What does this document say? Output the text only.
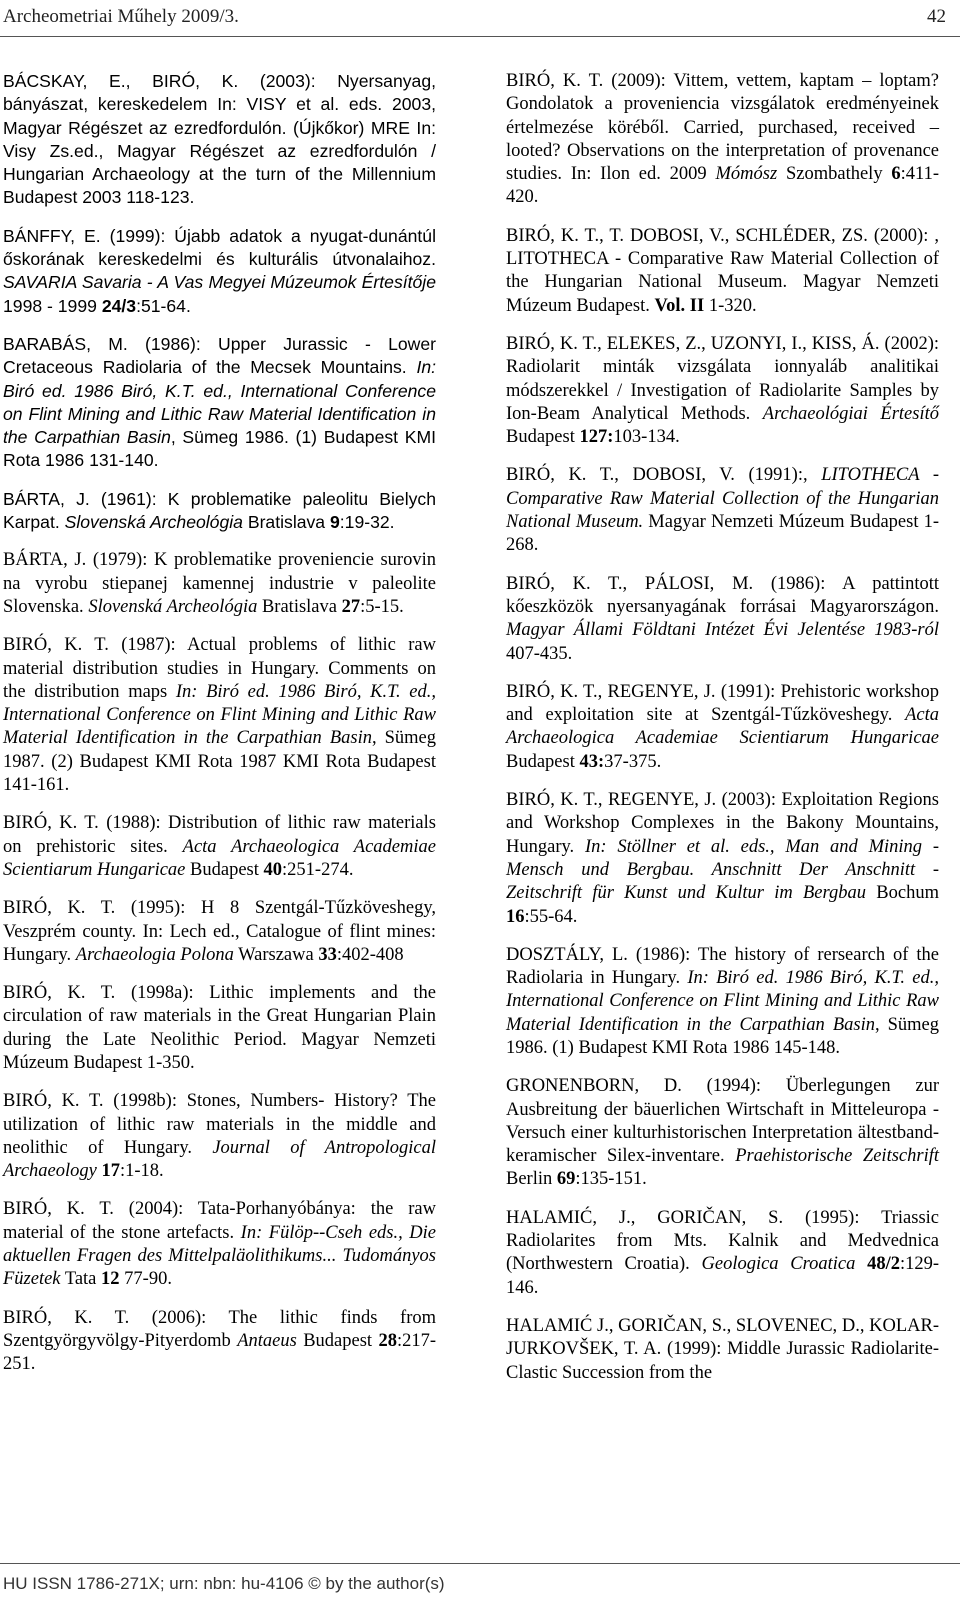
Archeometriai Műhely 2009/3.	42

BÁCSKAY, E., BIRÓ, K. (2003): Nyersanyag, bányászat, kereskedelem In: VISY et al. eds. 2003, Magyar Régészet az ezredfordulón. (Újkőkor) MRE In: Visy Zs.ed., Magyar Régészet az ezredfordulón / Hungarian Archaeology at the turn of the Millennium Budapest 2003 118-123.

BÁNFFY, E. (1999): Újabb adatok a nyugat-dunántúl őskorának kereskedelmi és kulturális útvonalaihoz. SAVARIA Savaria - A Vas Megyei Múzeumok Értesítője 1998 - 1999 24/3:51-64.

BARABÁS, M. (1986): Upper Jurassic - Lower Cretaceous Radiolaria of the Mecsek Mountains. In: Biró ed. 1986 Biró, K.T. ed., International Conference on Flint Mining and Lithic Raw Material Identification in the Carpathian Basin, Sümeg 1986. (1) Budapest KMI Rota 1986 131-140.

BÁRTA, J. (1961): K problematike paleolitu Bielych Karpat. Slovenská Archeológia Bratislava 9:19-32.

BÁRTA, J. (1979): K problematike proveniencie surovin na vyrobu stiepanej kamennej industrie v paleolite Slovenska. Slovenská Archeológia Bratislava 27:5-15.

BIRÓ, K. T. (1987): Actual problems of lithic raw material distribution studies in Hungary. Comments on the distribution maps In: Biró ed. 1986 Biró, K.T. ed., International Conference on Flint Mining and Lithic Raw Material Identification in the Carpathian Basin, Sümeg 1987. (2) Budapest KMI Rota 1987 KMI Rota Budapest 141-161.

BIRÓ, K. T. (1988): Distribution of lithic raw materials on prehistoric sites. Acta Archaeologica Academiae Scientiarum Hungaricae Budapest 40:251-274.

BIRÓ, K. T. (1995): H 8 Szentgál-Tűzköveshegy, Veszprém county. In: Lech ed., Catalogue of flint mines: Hungary. Archaeologia Polona Warszawa 33:402-408

BIRÓ, K. T. (1998a): Lithic implements and the circulation of raw materials in the Great Hungarian Plain during the Late Neolithic Period. Magyar Nemzeti Múzeum Budapest 1-350.

BIRÓ, K. T. (1998b): Stones, Numbers- History? The utilization of lithic raw materials in the middle and neolithic of Hungary. Journal of Antropological Archaeology 17:1-18.

BIRÓ, K. T. (2004): Tata-Porhanyóbánya: the raw material of the stone artefacts. In: Fülöp--Cseh eds., Die aktuellen Fragen des Mittelpaläolithikums... Tudományos Füzetek Tata 12 77-90.

BIRÓ, K. T. (2006): The lithic finds from Szentgyörgyvölgy-Pityerdomb Antaeus Budapest 28:217-251.

BIRÓ, K. T. (2009): Vittem, vettem, kaptam – loptam? Gondolatok a proveniencia vizsgálatok eredményeinek értelmezése köréből. Carried, purchased, received – looted? Observations on the interpretation of provenance studies. In: Ilon ed. 2009 Mómósz Szombathely 6:411-420.

BIRÓ, K. T., T. DOBOSI, V., SCHLÉDER, ZS. (2000): , LITOTHECA - Comparative Raw Material Collection of the Hungarian National Museum. Magyar Nemzeti Múzeum Budapest. Vol. II 1-320.

BIRÓ, K. T., ELEKES, Z., UZONYI, I., KISS, Á. (2002): Radiolarit minták vizsgálata ionnyaláb analitikai módszerekkel / Investigation of Radiolarite Samples by Ion-Beam Analytical Methods. Archaeológiai Értesítő Budapest 127:103-134.

BIRÓ, K. T., DOBOSI, V. (1991):, LITOTHECA - Comparative Raw Material Collection of the Hungarian National Museum. Magyar Nemzeti Múzeum Budapest 1-268.

BIRÓ, K. T., PÁLOSI, M. (1986): A pattintott kőeszközök nyersanyagának forrásai Magyarországon. Magyar Állami Földtani Intézet Évi Jelentése 1983-ról 407-435.

BIRÓ, K. T., REGENYE, J. (1991): Prehistoric workshop and exploitation site at Szentgál-Tűzköveshegy. Acta Archaeologica Academiae Scientiarum Hungaricae Budapest 43:37-375.

BIRÓ, K. T., REGENYE, J. (2003): Exploitation Regions and Workshop Complexes in the Bakony Mountains, Hungary. In: Stöllner et al. eds., Man and Mining - Mensch und Bergbau. Anschnitt Der Anschnitt - Zeitschrift für Kunst und Kultur im Bergbau Bochum 16:55-64.

DOSZTÁLY, L. (1986): The history of rersearch of the Radiolaria in Hungary. In: Biró ed. 1986 Biró, K.T. ed., International Conference on Flint Mining and Lithic Raw Material Identification in the Carpathian Basin, Sümeg 1986. (1) Budapest KMI Rota 1986 145-148.

GRONENBORN, D. (1994): Überlegungen zur Ausbreitung der bäuerlichen Wirtschaft in Mitteleuropa - Versuch einer kulturhistorischen Interpretation ältestband-keramischer Silex-inventare. Praehistorische Zeitschrift Berlin 69:135-151.

HALAMIĆ, J., GORIČAN, S. (1995): Triassic Radiolarites from Mts. Kalnik and Medvednica (Northwestern Croatia). Geologica Croatica 48/2:129-146.

HALAMIĆ J., GORIČAN, S., SLOVENEC, D., KOLAR-JURKOVŠEK, T. A. (1999): Middle Jurassic Radiolarite-Clastic Succession from the

HU ISSN 1786-271X; urn: nbn: hu-4106 © by the author(s)
